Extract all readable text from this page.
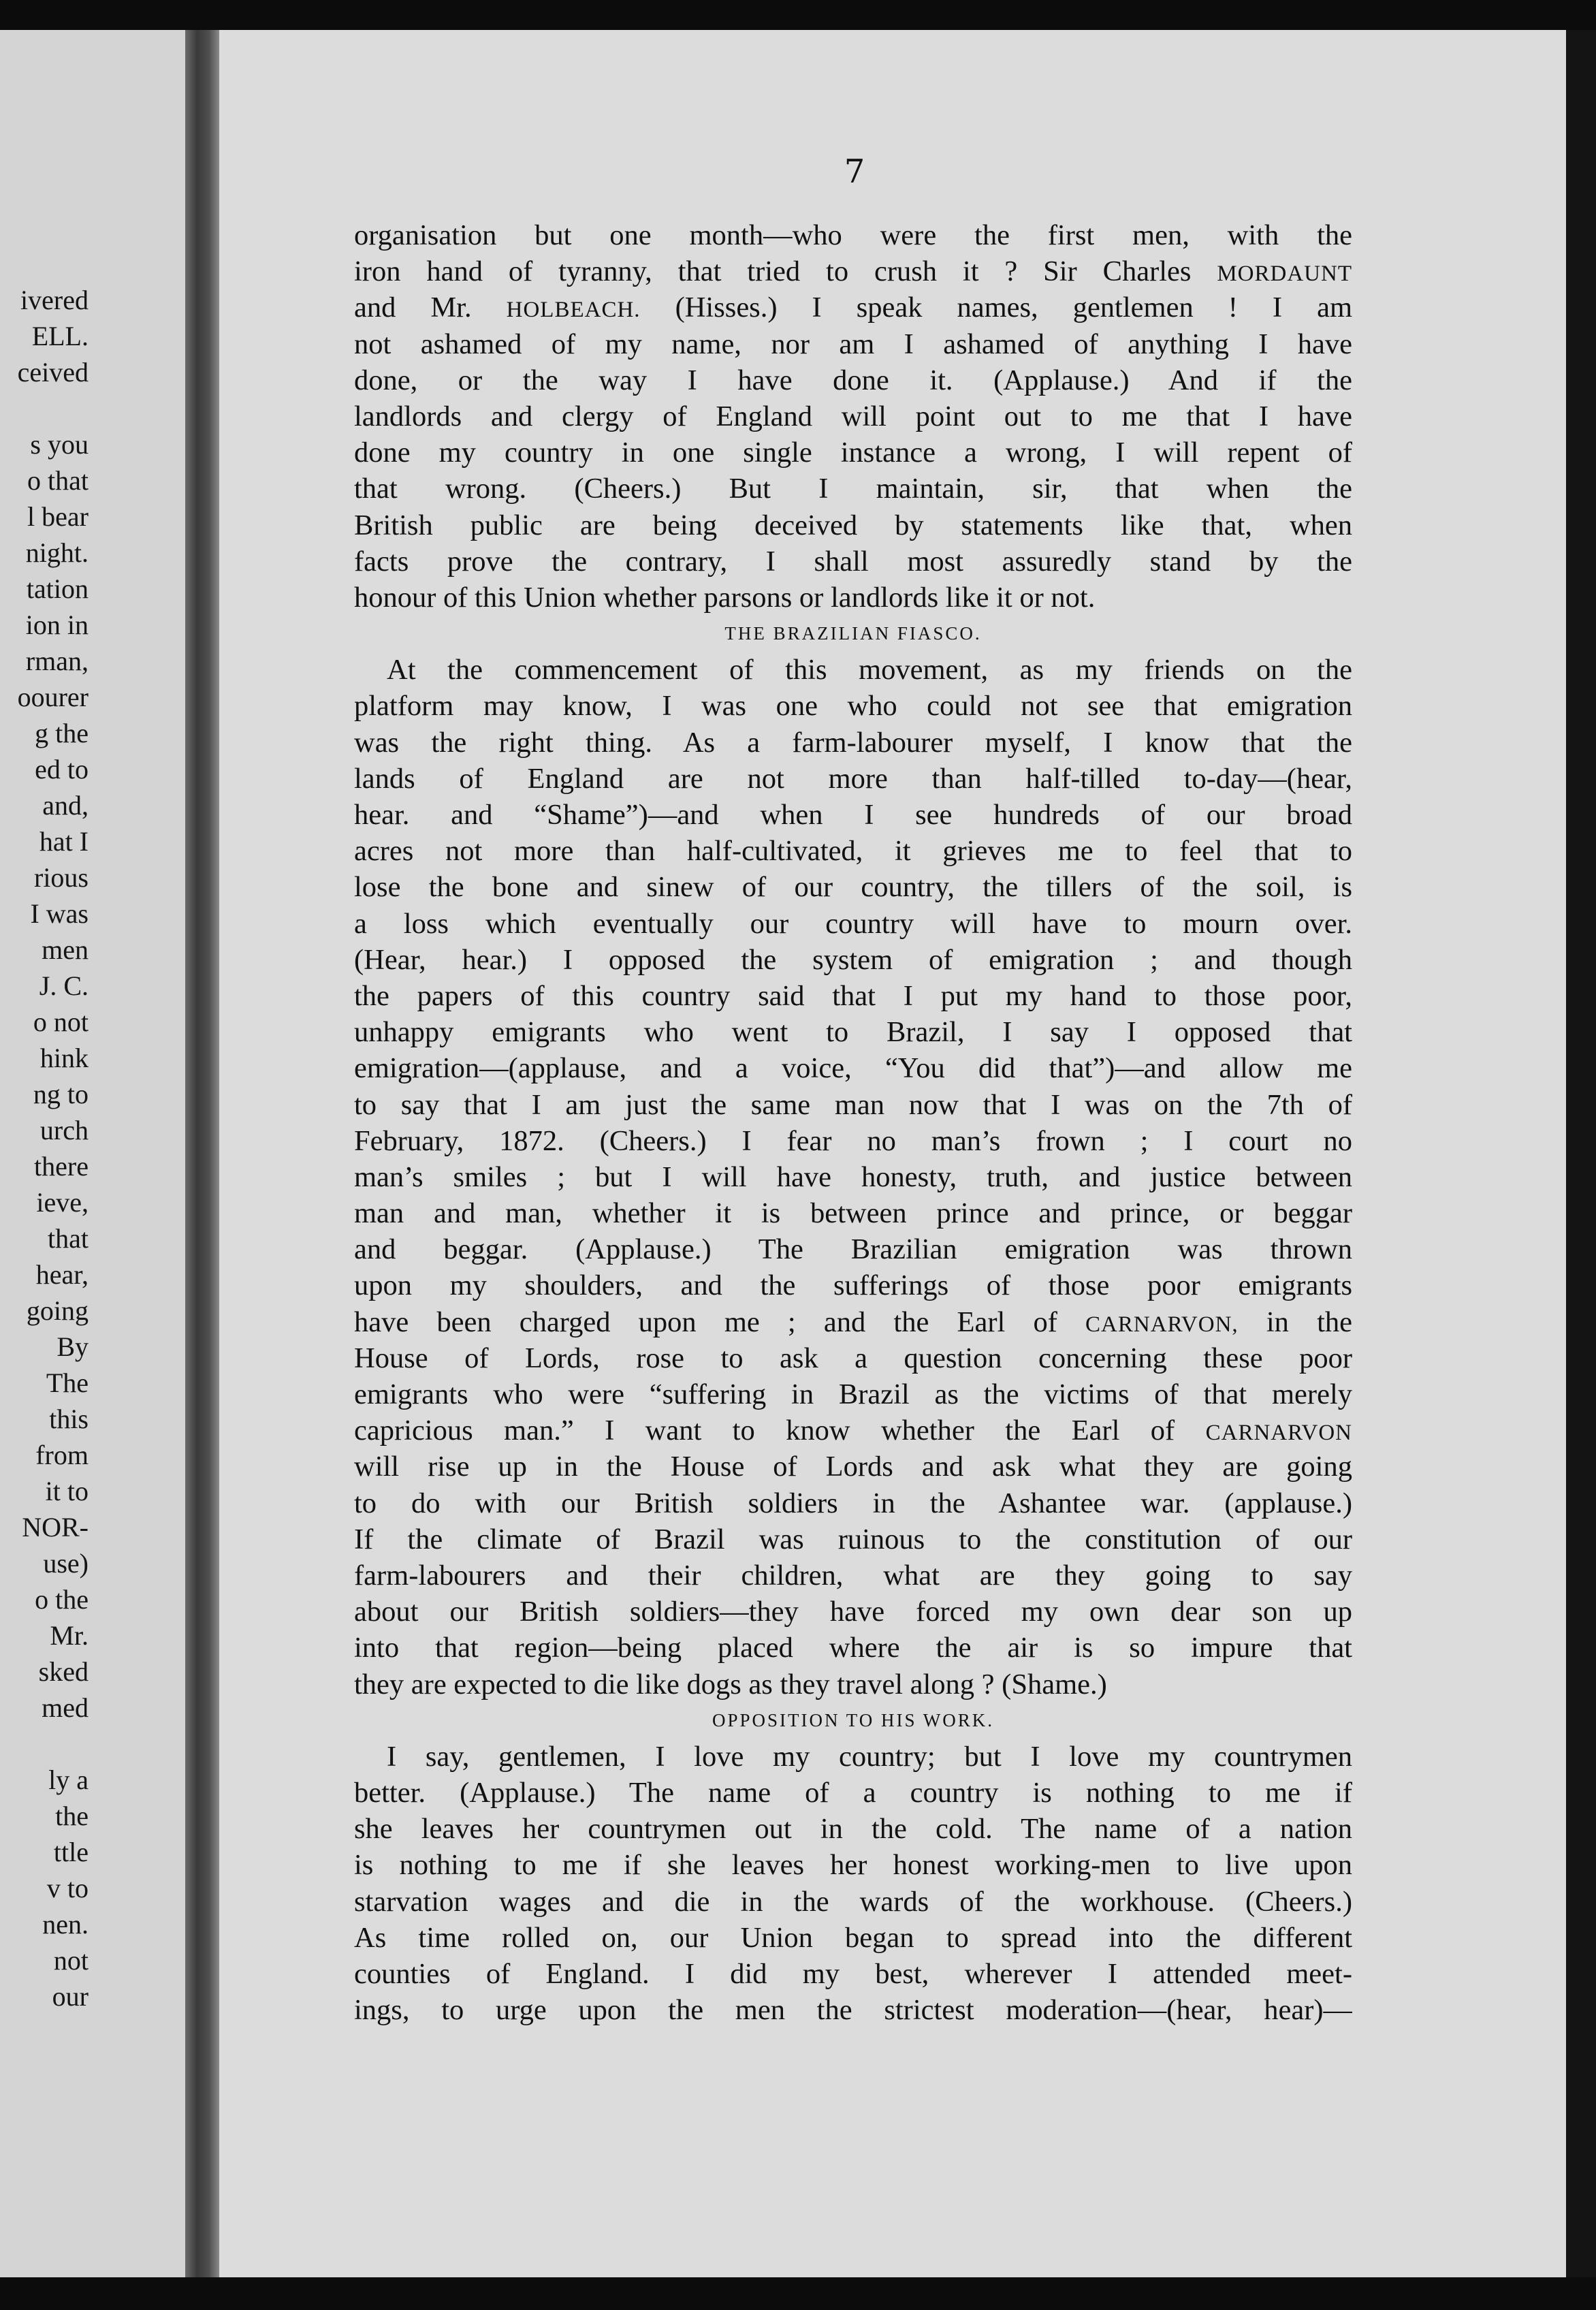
ivered
ELL.
ceived
s you
o that
l bear
night.
tation
ion in
rman,
oourer
g the
ed to
and,
hat I
rious
I was
men
J. C.
o not
hink
ng to
urch
there
ieve,
that
hear,
going
By
The
this
from
it to
NOR-
use)
o the
Mr.
sked
med
ly a
the
ttle
v to
nen.
not
our
7
organisation but one month—who were the first men, with the
iron hand of tyranny, that tried to crush it ? Sir Charles MORDAUNT
and Mr. HOLBEACH. (Hisses.) I speak names, gentlemen ! I am
not ashamed of my name, nor am I ashamed of anything I have
done, or the way I have done it. (Applause.) And if the
landlords and clergy of England will point out to me that I have
done my country in one single instance a wrong, I will repent of
that wrong. (Cheers.) But I maintain, sir, that when the
British public are being deceived by statements like that, when
facts prove the contrary, I shall most assuredly stand by the
honour of this Union whether parsons or landlords like it or not.
THE BRAZILIAN FIASCO.
At the commencement of this movement, as my friends on the
platform may know, I was one who could not see that emigration
was the right thing. As a farm-labourer myself, I know that the
lands of England are not more than half-tilled to-day—(hear,
hear. and “Shame”)—and when I see hundreds of our broad
acres not more than half-cultivated, it grieves me to feel that to
lose the bone and sinew of our country, the tillers of the soil, is
a loss which eventually our country will have to mourn over.
(Hear, hear.) I opposed the system of emigration ; and though
the papers of this country said that I put my hand to those poor,
unhappy emigrants who went to Brazil, I say I opposed that
emigration—(applause, and a voice, “You did that”)—and allow me
to say that I am just the same man now that I was on the 7th of
February, 1872. (Cheers.) I fear no man’s frown ; I court no
man’s smiles ; but I will have honesty, truth, and justice between
man and man, whether it is between prince and prince, or beggar
and beggar. (Applause.) The Brazilian emigration was thrown
upon my shoulders, and the sufferings of those poor emigrants
have been charged upon me ; and the Earl of CARNARVON, in the
House of Lords, rose to ask a question concerning these poor
emigrants who were “suffering in Brazil as the victims of that merely
capricious man.” I want to know whether the Earl of CARNARVON
will rise up in the House of Lords and ask what they are going
to do with our British soldiers in the Ashantee war. (applause.)
If the climate of Brazil was ruinous to the constitution of our
farm-labourers and their children, what are they going to say
about our British soldiers—they have forced my own dear son up
into that region—being placed where the air is so impure that
they are expected to die like dogs as they travel along ? (Shame.)
OPPOSITION TO HIS WORK.
I say, gentlemen, I love my country; but I love my countrymen
better. (Applause.) The name of a country is nothing to me if
she leaves her countrymen out in the cold. The name of a nation
is nothing to me if she leaves her honest working-men to live upon
starvation wages and die in the wards of the workhouse. (Cheers.)
As time rolled on, our Union began to spread into the different
counties of England. I did my best, wherever I attended meet-
ings, to urge upon the men the strictest moderation—(hear, hear)—
